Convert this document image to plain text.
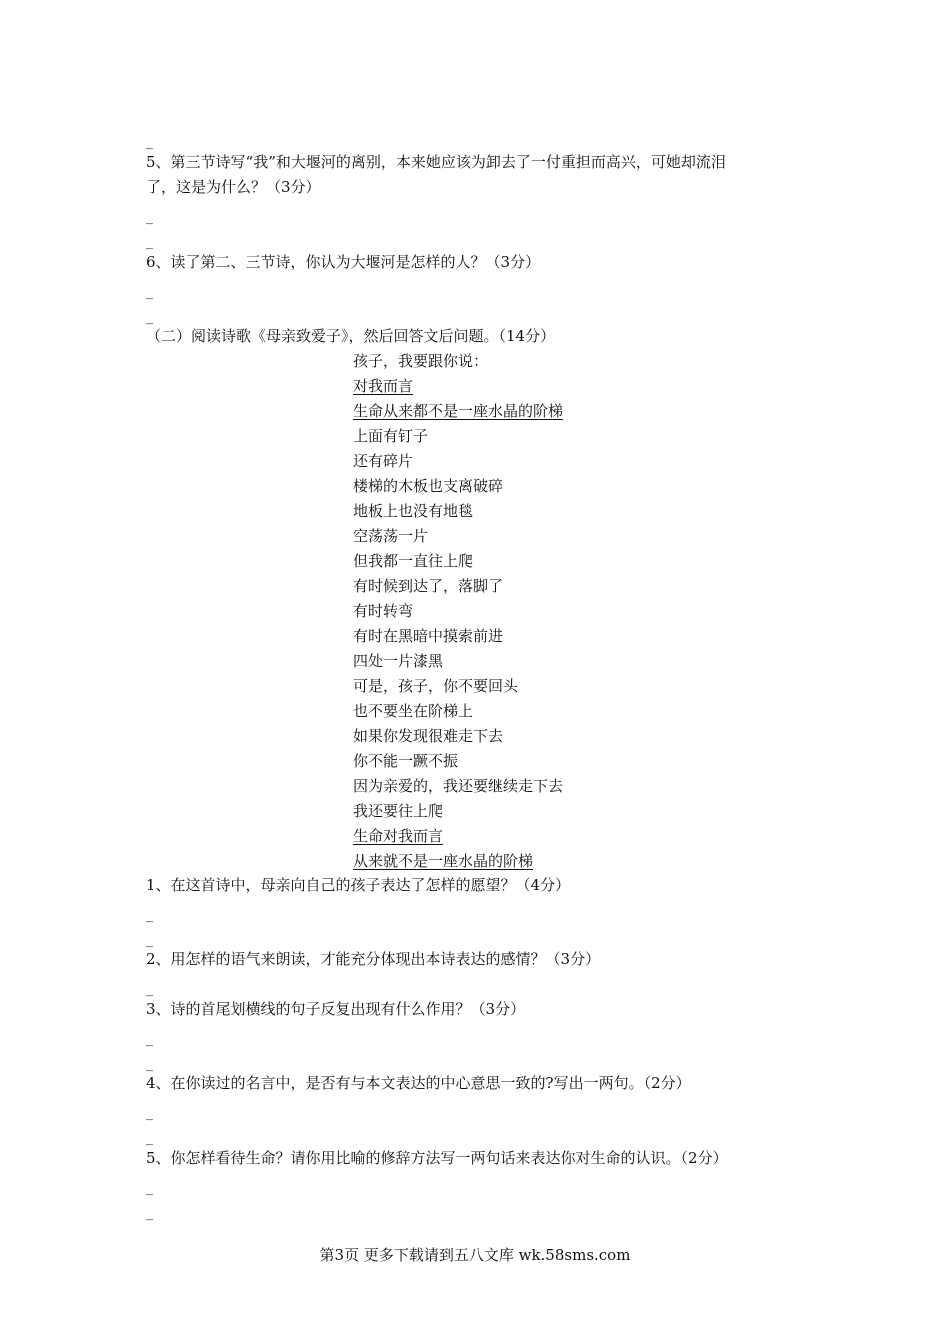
_
5、第三节诗写“我”和大堰河的离别，本来她应该为卸去了一付重担而高兴，可她却流泪
了，这是为什么？（3分）
_
_
6、读了第二、三节诗，你认为大堰河是怎样的人？（3分）
_
_
（二）阅读诗歌《母亲致爱子》，然后回答文后问题。（14分）
孩子，我要跟你说：
对我而言
生命从来都不是一座水晶的阶梯
上面有钉子
还有碎片
楼梯的木板也支离破碎
地板上也没有地毯
空荡荡一片
但我都一直往上爬
有时候到达了，落脚了
有时转弯
有时在黑暗中摸索前进
四处一片漆黑
可是，孩子，你不要回头
也不要坐在阶梯上
如果你发现很难走下去
你不能一蹶不振
因为亲爱的，我还要继续走下去
我还要往上爬
生命对我而言
从来就不是一座水晶的阶梯
1、在这首诗中，母亲向自己的孩子表达了怎样的愿望？（4分）
_
_
2、用怎样的语气来朗读，才能充分体现出本诗表达的感情？（3分）
_
3、诗的首尾划横线的句子反复出现有什么作用？（3分）
_
_
4、在你读过的名言中，是否有与本文表达的中心意思一致的?写出一两句。（2分）
_
_
5、你怎样看待生命？请你用比喻的修辞方法写一两句话来表达你对生命的认识。（2分）
_
_
第3页 更多下载请到五八文库 wk.58sms.com
